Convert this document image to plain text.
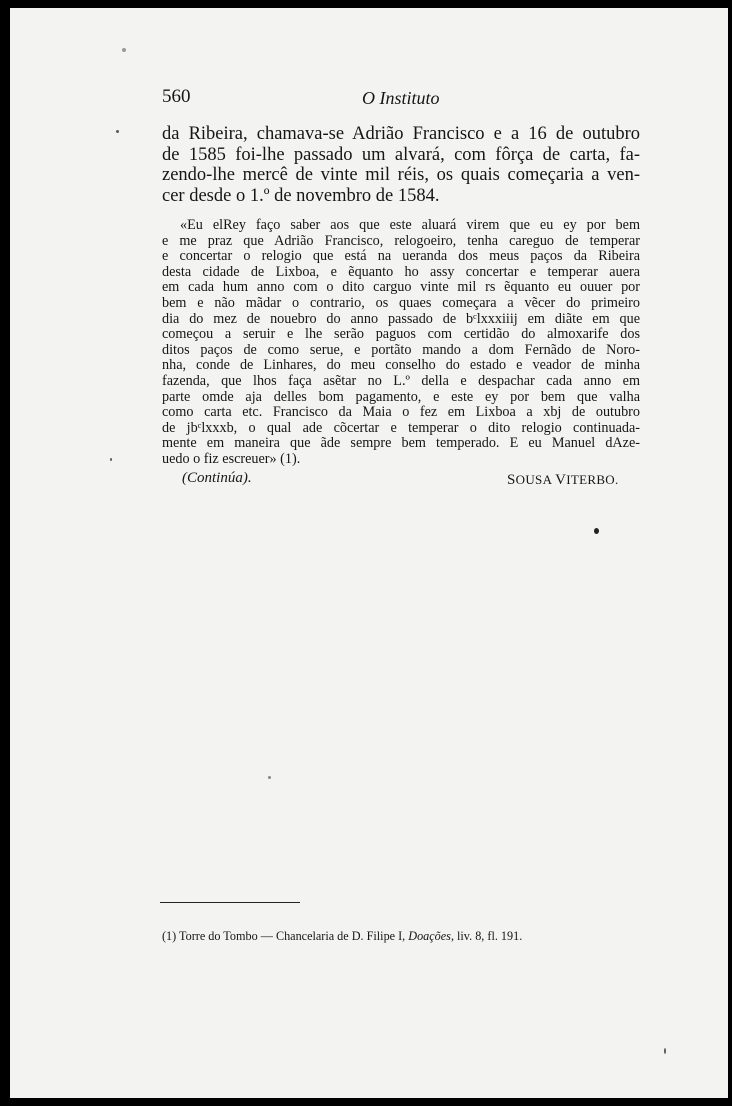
560	O Instituto
da Ribeira, chamava-se Adrião Francisco e a 16 de outubro
de 1585 foi-lhe passado um alvará, com fôrça de carta, fa-
zendo-lhe mercê de vinte mil réis, os quais começaria a ven-
cer desde o 1.º de novembro de 1584.
«Eu elRey faço saber aos que este aluará virem que eu ey por bem
e me praz que Adrião Francisco, relogoeiro, tenha careguo de temperar
e concertar o relogio que está na ueranda dos meus paços da Ribeira
desta cidade de Lixboa, e ẽquanto ho assy concertar e temperar auera
em cada hum anno com o dito carguo vinte mil rs ẽquanto eu ouuer por
bem e não mãdar o contrario, os quaes começara a vẽcer do primeiro
dia do mez de nouebro do anno passado de bᶜlxxxiiij em diãte em que
começou a seruir e lhe serão paguos com certidão do almoxarife dos
ditos paços de como serue, e portãto mando a dom Fernãdo de Noro-
nha, conde de Linhares, do meu conselho do estado e veador de minha
fazenda, que lhos faça asẽtar no L.º della e despachar cada anno em
parte omde aja delles bom pagamento, e este ey por bem que valha
como carta etc. Francisco da Maia o fez em Lixboa a xbj de outubro
de jbᶜlxxxb, o qual ade cõcertar e temperar o dito relogio continuada-
mente em maneira que ãde sempre bem temperado. E eu Manuel dAze-
uedo o fiz escreuer» (1).
(Continúa).	SOUSA VITERBO.
(1) Torre do Tombo — Chancelaria de D. Filipe I, Doações, liv. 8, fl. 191.
